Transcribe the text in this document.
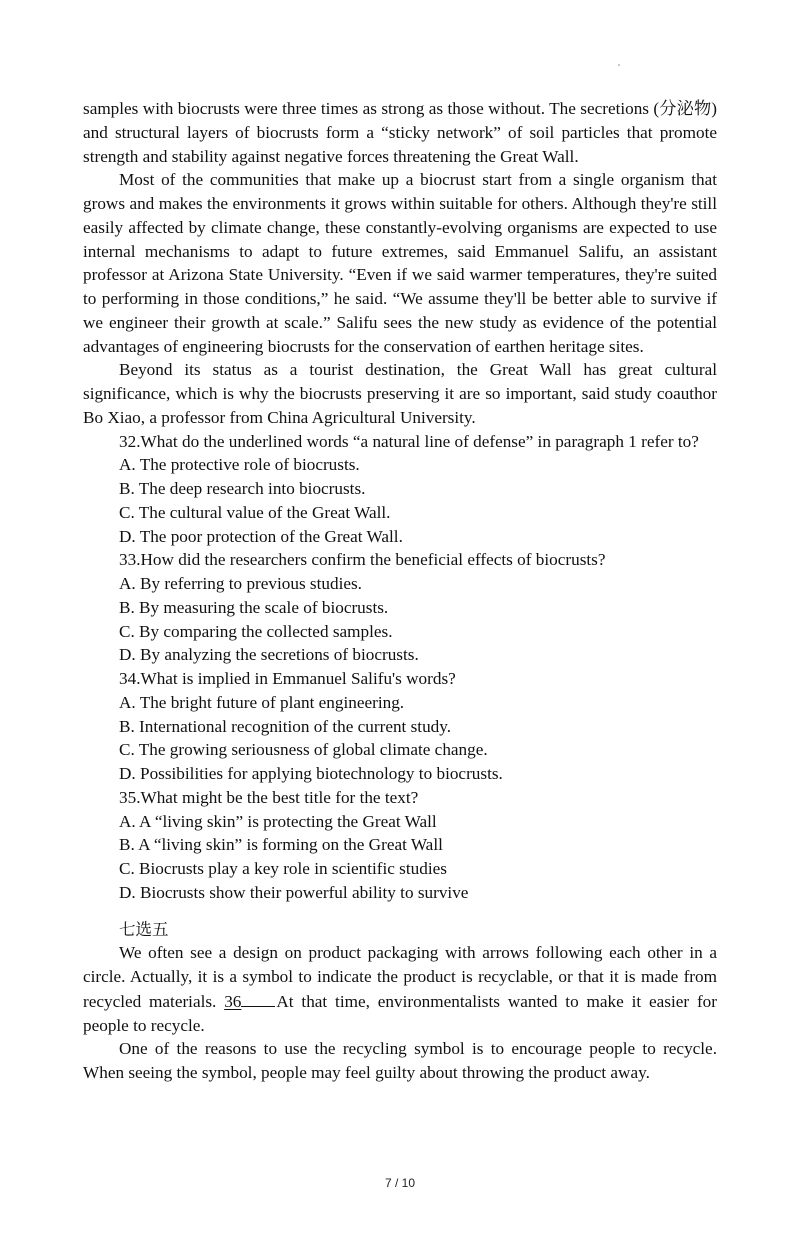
samples with biocrusts were three times as strong as those without. The secretions (分泌物) and structural layers of biocrusts form a “sticky network” of soil particles that promote strength and stability against negative forces threatening the Great Wall.

Most of the communities that make up a biocrust start from a single organism that grows and makes the environments it grows within suitable for others. Although they're still easily affected by climate change, these constantly-evolving organisms are expected to use internal mechanisms to adapt to future extremes, said Emmanuel Salifu, an assistant professor at Arizona State University. “Even if we said warmer temperatures, they're suited to performing in those conditions,” he said. “We assume they'll be better able to survive if we engineer their growth at scale.” Salifu sees the new study as evidence of the potential advantages of engineering biocrusts for the conservation of earthen heritage sites.

Beyond its status as a tourist destination, the Great Wall has great cultural significance, which is why the biocrusts preserving it are so important, said study coauthor Bo Xiao, a professor from China Agricultural University.

32.What do the underlined words “a natural line of defense” in paragraph 1 refer to?

A. The protective role of biocrusts.

B. The deep research into biocrusts.

C. The cultural value of the Great Wall.

D. The poor protection of the Great Wall.

33.How did the researchers confirm the beneficial effects of biocrusts?

A. By referring to previous studies.

B. By measuring the scale of biocrusts.

C. By comparing the collected samples.

D. By analyzing the secretions of biocrusts.

34.What is implied in Emmanuel Salifu's words?

A. The bright future of plant engineering.

B. International recognition of the current study.

C. The growing seriousness of global climate change.

D. Possibilities for applying biotechnology to biocrusts.

35.What might be the best title for the text?

A. A “living skin” is protecting the Great Wall

B. A “living skin” is forming on the Great Wall

C. Biocrusts play a key role in scientific studies

D. Biocrusts show their powerful ability to survive

七选五

We often see a design on product packaging with arrows following each other in a circle. Actually, it is a symbol to indicate the product is recyclable, or that it is made from recycled materials. 36 At that time, environmentalists wanted to make it easier for people to recycle.

One of the reasons to use the recycling symbol is to encourage people to recycle. When seeing the symbol, people may feel guilty about throwing the product away.

7 / 10
